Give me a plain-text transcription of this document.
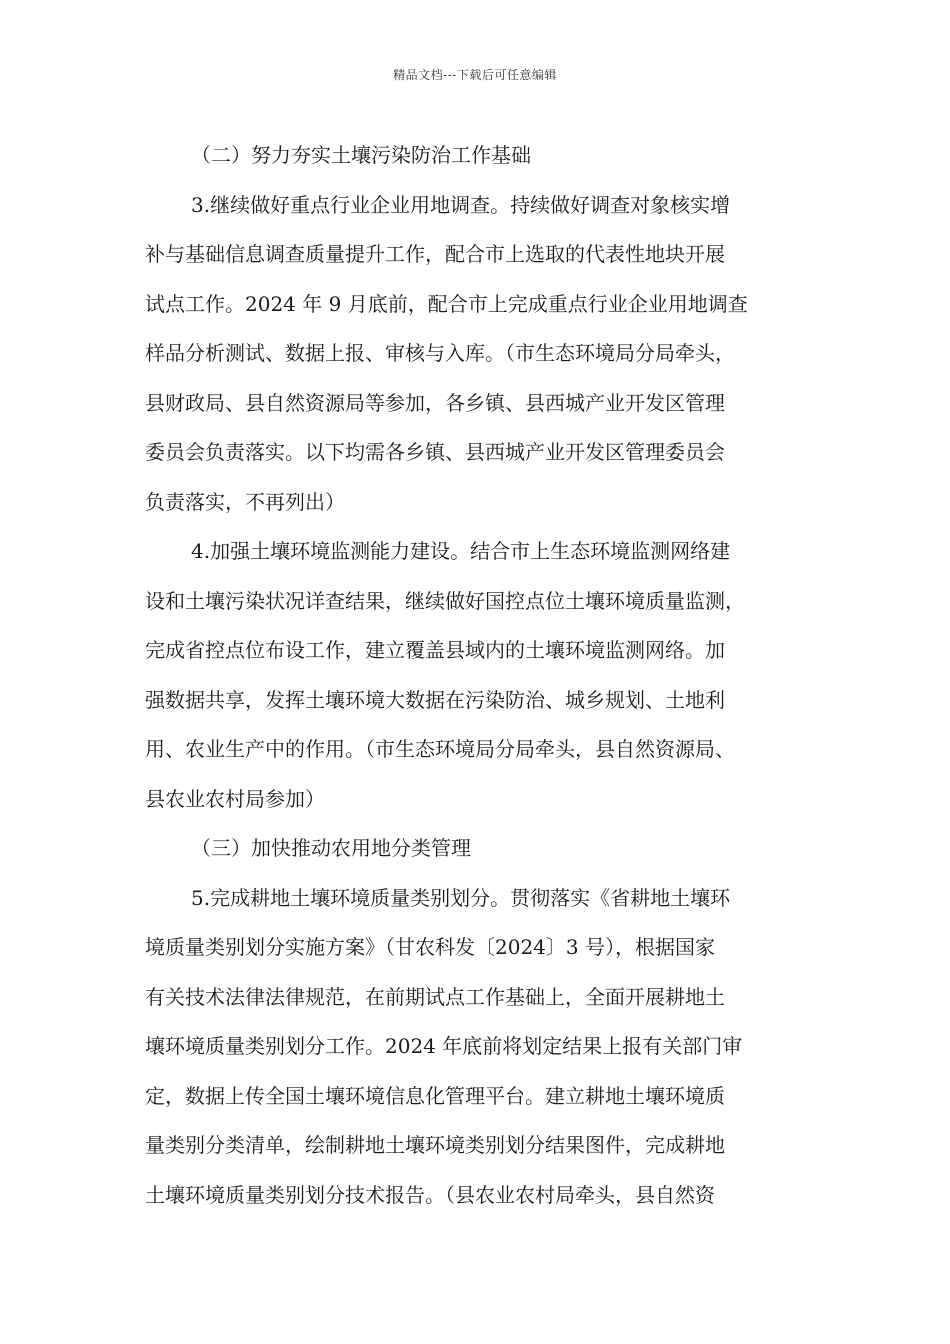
精品文档---下载后可任意编辑
（二）努力夯实土壤污染防治工作基础
3.继续做好重点行业企业用地调查。持续做好调查对象核实增
补与基础信息调查质量提升工作，配合市上选取的代表性地块开展
试点工作。2024 年 9 月底前，配合市上完成重点行业企业用地调查
样品分析测试、数据上报、审核与入库。（市生态环境局分局牵头，
县财政局、县自然资源局等参加，各乡镇、县西城产业开发区管理
委员会负责落实。以下均需各乡镇、县西城产业开发区管理委员会
负责落实，不再列出）
4.加强土壤环境监测能力建设。结合市上生态环境监测网络建
设和土壤污染状况详查结果，继续做好国控点位土壤环境质量监测，
完成省控点位布设工作，建立覆盖县域内的土壤环境监测网络。加
强数据共享，发挥土壤环境大数据在污染防治、城乡规划、土地利
用、农业生产中的作用。（市生态环境局分局牵头，县自然资源局、
县农业农村局参加）
（三）加快推动农用地分类管理
5.完成耕地土壤环境质量类别划分。贯彻落实《省耕地土壤环
境质量类别划分实施方案》（甘农科发〔2024〕3 号），根据国家
有关技术法律法律规范，在前期试点工作基础上，全面开展耕地土
壤环境质量类别划分工作。2024 年底前将划定结果上报有关部门审
定，数据上传全国土壤环境信息化管理平台。建立耕地土壤环境质
量类别分类清单，绘制耕地土壤环境类别划分结果图件，完成耕地
土壤环境质量类别划分技术报告。（县农业农村局牵头，县自然资
